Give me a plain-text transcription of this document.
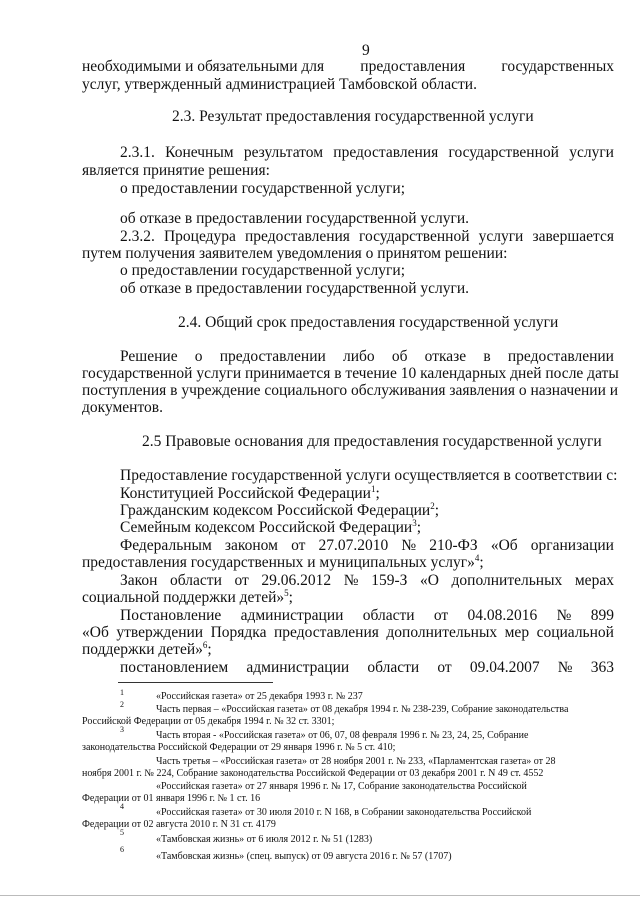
9
необходимыми и обязательными для предоставления государственных
услуг, утвержденный администрацией Тамбовской области.
2.3. Результат предоставления государственной услуги
2.3.1. Конечным результатом предоставления государственной услуги
является принятие решения:
о предоставлении государственной услуги;
об отказе в предоставлении государственной услуги.
2.3.2. Процедура предоставления государственной услуги завершается
путем получения заявителем уведомления о принятом решении:
о предоставлении государственной услуги;
об отказе в предоставлении государственной услуги.
2.4. Общий срок предоставления государственной услуги
Решение о предоставлении либо об отказе в предоставлении
государственной услуги принимается в течение 10 календарных дней после даты
поступления в учреждение социального обслуживания заявления о назначении и
документов.
2.5 Правовые основания для предоставления государственной услуги
Предоставление государственной услуги осуществляется в соответствии с:
Конституцией Российской Федерации$^1$;
Гражданским кодексом Российской Федерации$^2$;
Семейным кодексом Российской Федерации$^3$;
Федеральным законом от 27.07.2010 № 210-ФЗ «Об организации
предоставления государственных и муниципальных услуг»$^4$;
Закон области от 29.06.2012 № 159-З «О дополнительных мерах
социальной поддержки детей»$^5$;
Постановление администрации области от 04.08.2016 № 899
«Об утверждении Порядка предоставления дополнительных мер социальной
поддержки детей»$^6$;
постановлением администрации области от 09.04.2007 № 363
1	«Российская газета» от 25 декабря 1993 г. № 237
2	Часть первая – «Российская газета» от 08 декабря 1994 г. № 238-239, Собрание законодательства
Российской Федерации от 05 декабря 1994 г. № 32 ст. 3301;
3
Часть вторая - «Российская газета» от 06, 07, 08 февраля 1996 г. № 23, 24, 25, Собрание
законодательства Российской Федерации от 29 января 1996 г. № 5 ст. 410;
Часть третья – «Российская газета» от 28 ноября 2001 г. № 233, «Парламентская газета» от 28
ноября 2001 г. № 224, Собрание законодательства Российской Федерации от 03 декабря 2001 г. N 49 ст. 4552
«Российская газета» от 27 января 1996 г. № 17, Собрание законодательства Российской
Федерации от 01 января 1996 г. № 1 ст. 16
4
«Российская газета» от 30 июля 2010 г. N 168, в Собрании законодательства Российской
Федерации от 02 августа 2010 г. N 31 ст. 4179
5
«Тамбовская жизнь» от 6 июля 2012 г. № 51 (1283)
6
«Тамбовская жизнь» (спец. выпуск) от 09 августа 2016 г. № 57 (1707)
